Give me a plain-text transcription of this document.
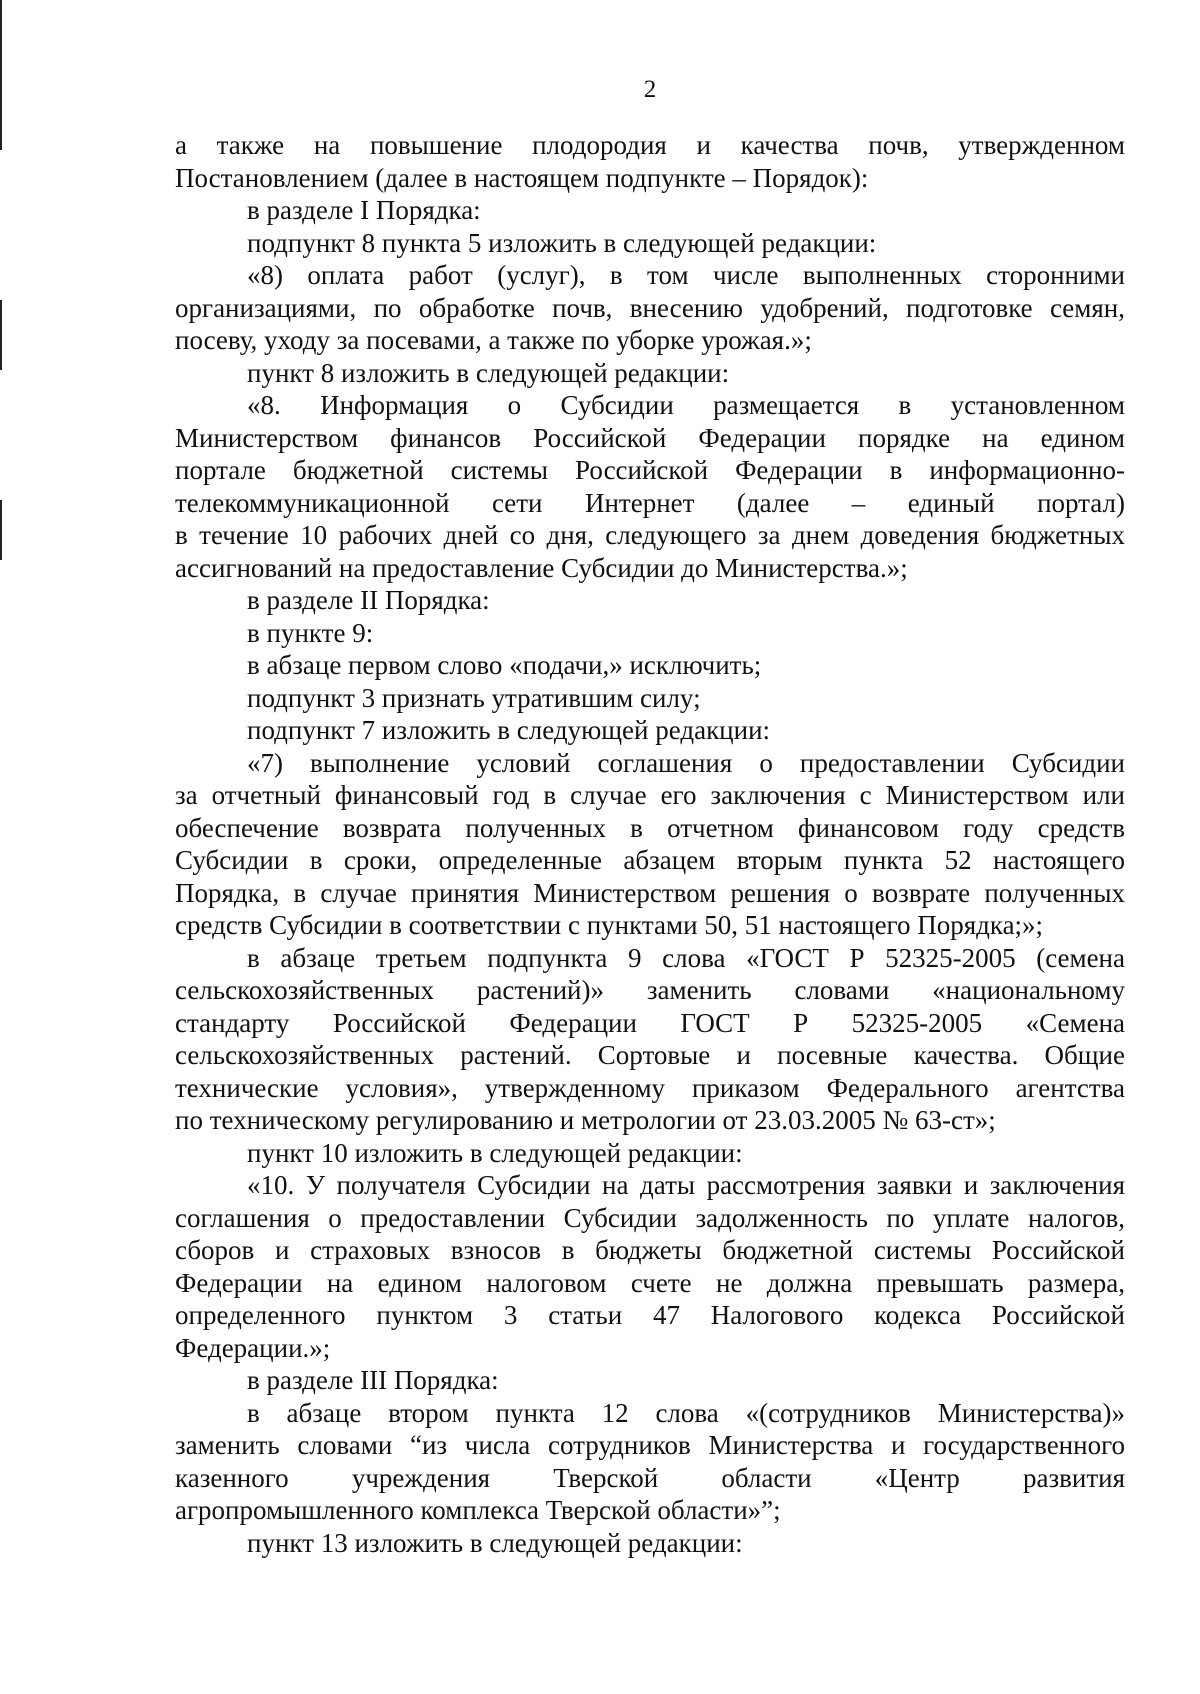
2
а также на повышение плодородия и качества почв, утвержденном
Постановлением (далее в настоящем подпункте – Порядок):
в разделе I Порядка:
подпункт 8 пункта 5 изложить в следующей редакции:
«8) оплата работ (услуг), в том числе выполненных сторонними
организациями, по обработке почв, внесению удобрений, подготовке семян,
посеву, уходу за посевами, а также по уборке урожая.»;
пункт 8 изложить в следующей редакции:
«8. Информация о Субсидии размещается в установленном
Министерством финансов Российской Федерации порядке на едином
портале бюджетной системы Российской Федерации в информационно-
телекоммуникационной сети Интернет (далее – единый портал)
в течение 10 рабочих дней со дня, следующего за днем доведения бюджетных
ассигнований на предоставление Субсидии до Министерства.»;
в разделе II Порядка:
в пункте 9:
в абзаце первом слово «подачи,» исключить;
подпункт 3 признать утратившим силу;
подпункт 7 изложить в следующей редакции:
«7) выполнение условий соглашения о предоставлении Субсидии
за отчетный финансовый год в случае его заключения с Министерством или
обеспечение возврата полученных в отчетном финансовом году средств
Субсидии в сроки, определенные абзацем вторым пункта 52 настоящего
Порядка, в случае принятия Министерством решения о возврате полученных
средств Субсидии в соответствии с пунктами 50, 51 настоящего Порядка;»;
в абзаце третьем подпункта 9 слова «ГОСТ Р 52325-2005 (семена
сельскохозяйственных растений)» заменить словами «национальному
стандарту Российской Федерации ГОСТ Р 52325-2005 «Семена
сельскохозяйственных растений. Сортовые и посевные качества. Общие
технические условия», утвержденному приказом Федерального агентства
по техническому регулированию и метрологии от 23.03.2005 № 63-ст»;
пункт 10 изложить в следующей редакции:
«10. У получателя Субсидии на даты рассмотрения заявки и заключения
соглашения о предоставлении Субсидии задолженность по уплате налогов,
сборов и страховых взносов в бюджеты бюджетной системы Российской
Федерации на едином налоговом счете не должна превышать размера,
определенного пунктом 3 статьи 47 Налогового кодекса Российской
Федерации.»;
в разделе III Порядка:
в абзаце втором пункта 12 слова «(сотрудников Министерства)»
заменить словами “из числа сотрудников Министерства и государственного
казенного учреждения Тверской области «Центр развития
агропромышленного комплекса Тверской области»”;
пункт 13 изложить в следующей редакции:
